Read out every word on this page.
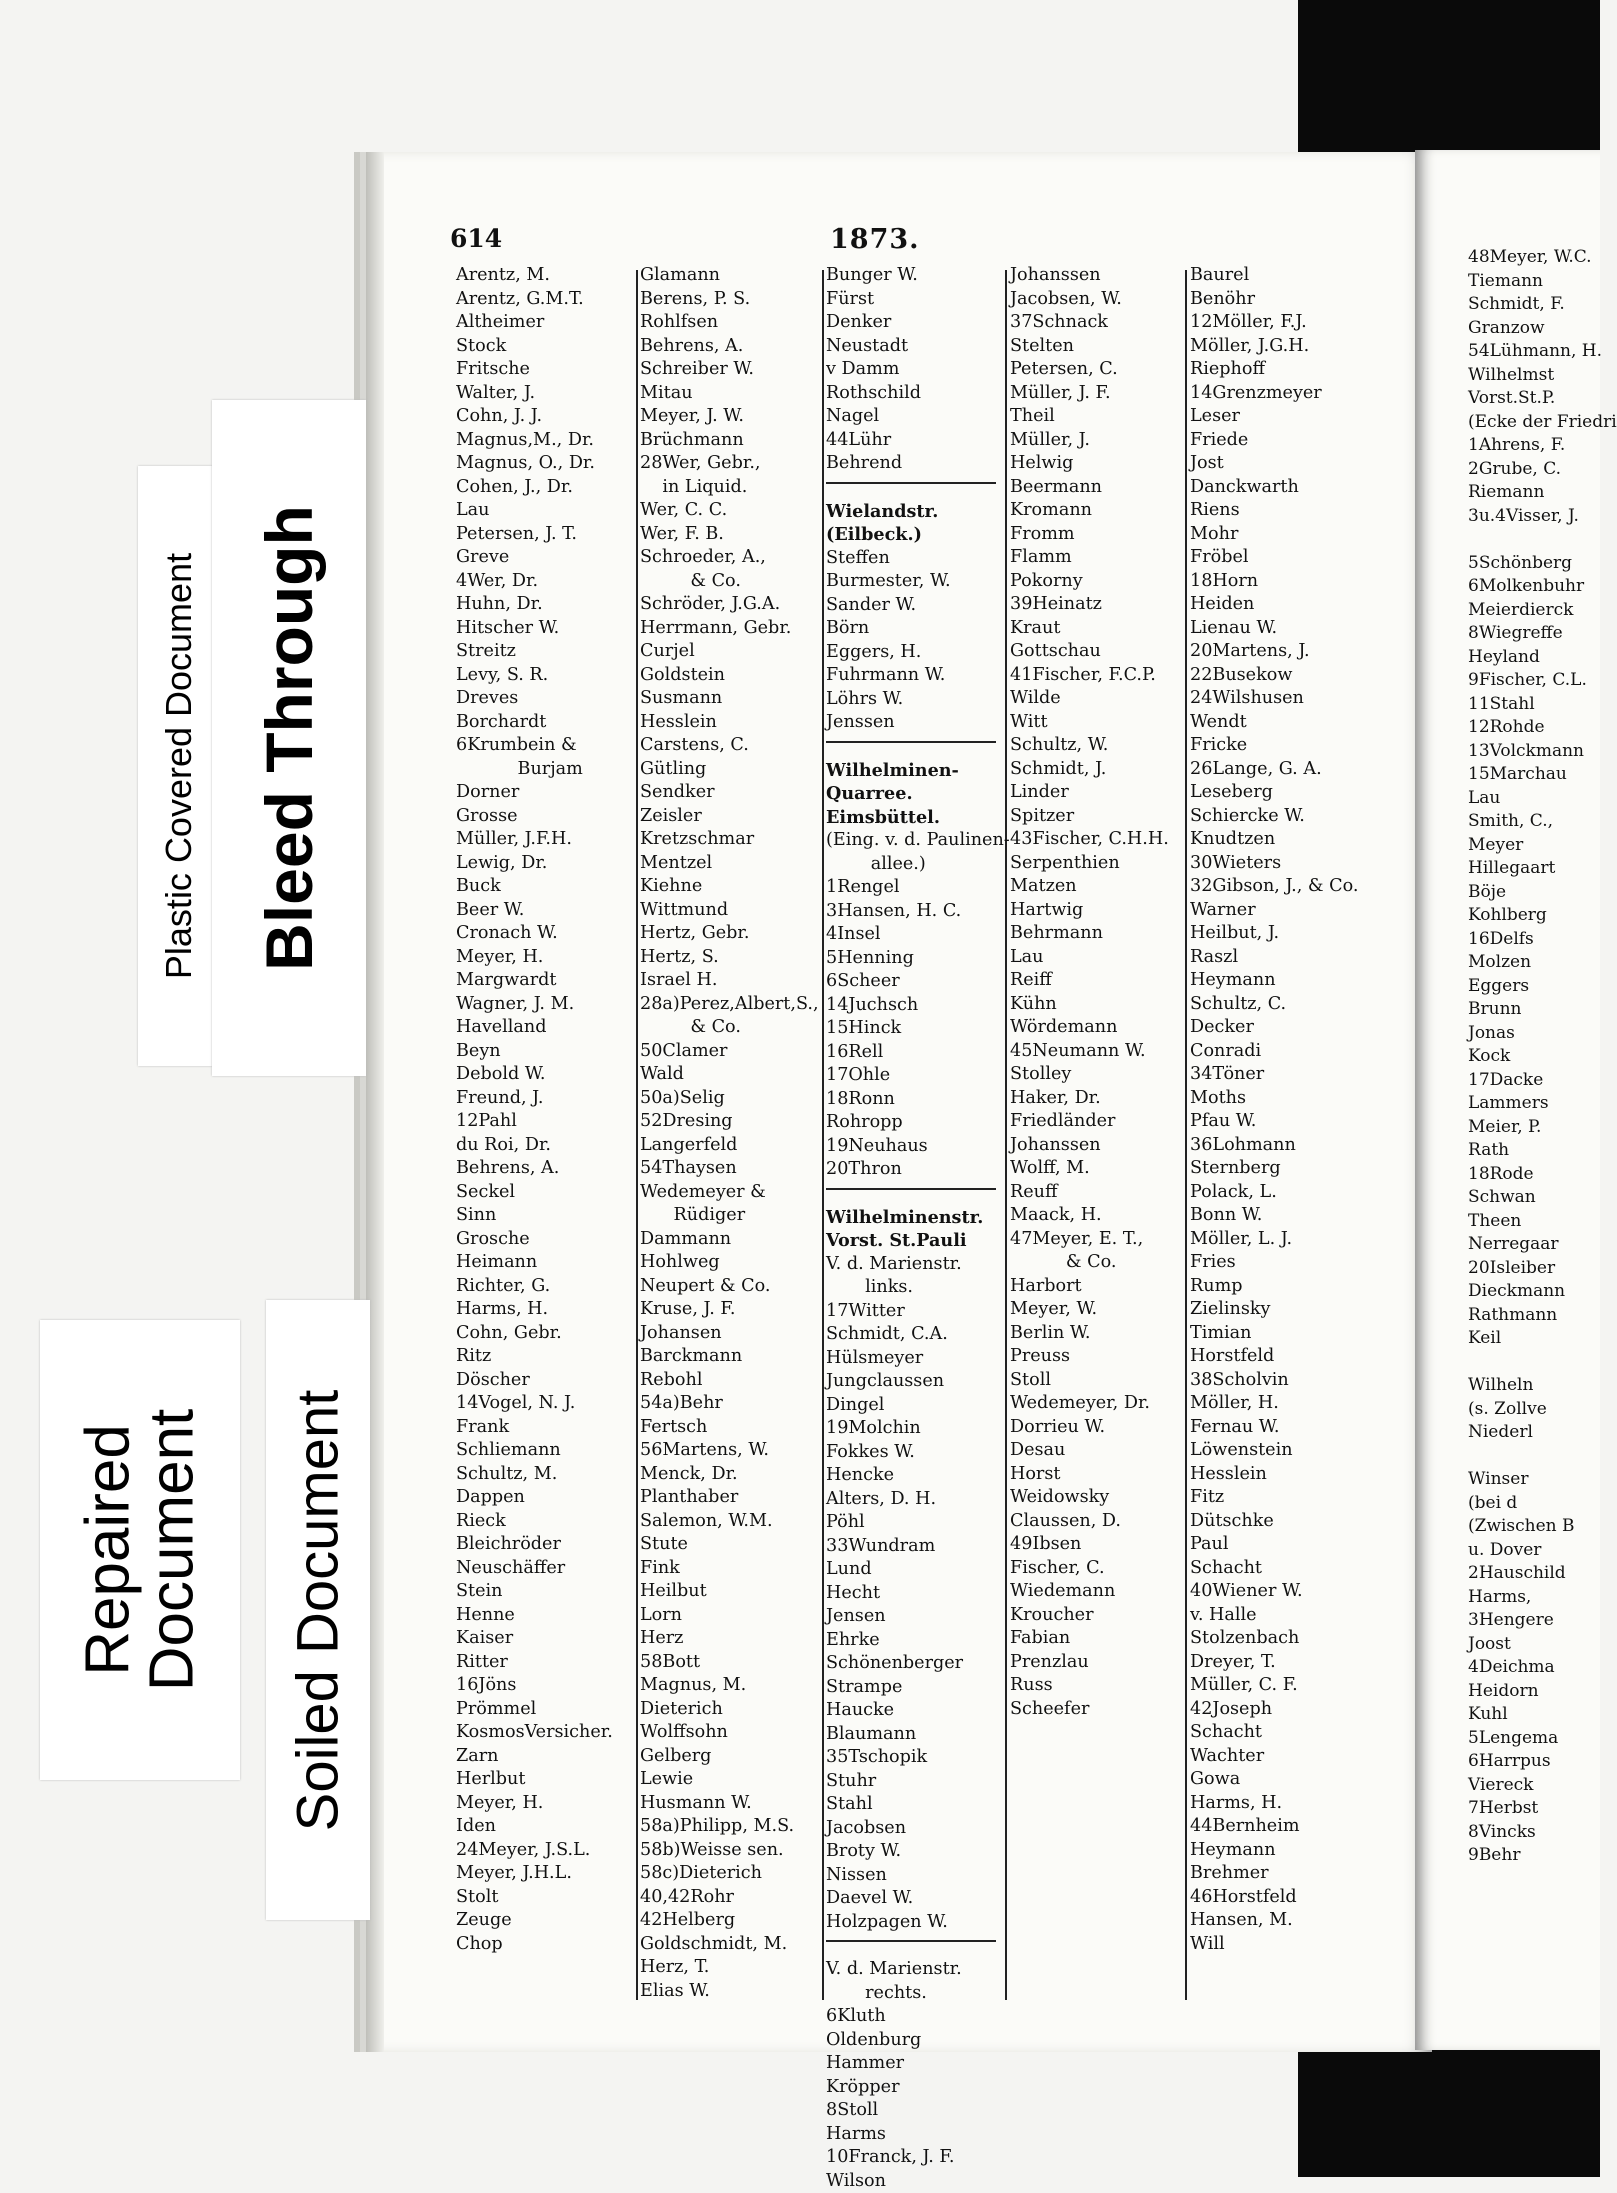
614	1873.
Arentz, M.
Arentz, G.M.T.
Altheimer
Stock
Fritsche
Walter, J.
Cohn, J. J.
Magnus,M., Dr.
Magnus, O., Dr.
Cohen, J., Dr.
Lau
Petersen, J. T.
Greve
4Wer, Dr.
Huhn, Dr.
Hitscher W.
Streitz
Levy, S. R.
Dreves
Borchardt
6Krumbein &
Burjam
Dorner
Grosse
Müller, J.F.H.
Lewig, Dr.
Buck
Beer W.
Cronach W.
Meyer, H.
Margwardt
Wagner, J. M.
Havelland
Beyn
Debold W.
Freund, J.
12Pahl
du Roi, Dr.
Behrens, A.
Seckel
Sinn
Grosche
Heimann
Richter, G.
Harms, H.
Cohn, Gebr.
Ritz
Döscher
14Vogel, N. J.
Frank
Schliemann
Schultz, M.
Dappen
Rieck
Bleichröder
Neuschäffer
Stein
Henne
Kaiser
Ritter
16Jöns
Prömmel
KosmosVersicher.
Zarn
Herlbut
Meyer, H.
Iden
24Meyer, J.S.L.
Meyer, J.H.L.
Stolt
Zeuge
Chop
Glamann
Berens, P. S.
Rohlfsen
Behrens, A.
Schreiber W.
Mitau
Meyer, J. W.
Brüchmann
28Wer, Gebr.,
in Liquid.
Wer, C. C.
Wer, F. B.
Schroeder, A.,
& Co.
Schröder, J.G.A.
Herrmann, Gebr.
Curjel
Goldstein
Susmann
Hesslein
Carstens, C.
Gütling
Sendker
Zeisler
Kretzschmar
Mentzel
Kiehne
Wittmund
Hertz, Gebr.
Hertz, S.
Israel H.
28a)Perez,Albert,S.,
& Co.
50Clamer
Wald
50a)Selig
52Dresing
Langerfeld
54Thaysen
Wedemeyer &
Rüdiger
Dammann
Hohlweg
Neupert & Co.
Kruse, J. F.
Johansen
Barckmann
Rebohl
54a)Behr
Fertsch
56Martens, W.
Menck, Dr.
Planthaber
Salemon, W.M.
Stute
Fink
Heilbut
Lorn
Herz
58Bott
Magnus, M.
Dieterich
Wolffsohn
Gelberg
Lewie
Husmann W.
58a)Philipp, M.S.
58b)Weisse sen.
58c)Dieterich
40,42Rohr
42Helberg
Goldschmidt, M.
Herz, T.
Elias W.
Bunger W.
Fürst
Denker
Neustadt
v Damm
Rothschild
Nagel
44Lühr
Behrend
Wielandstr.
(Eilbeck.)
Steffen
Burmester, W.
Sander W.
Börn
Eggers, H.
Fuhrmann W.
Löhrs W.
Jenssen
Wilhelminen-
Quarree.
Eimsbüttel.
(Eing. v. d. Paulinen-
allee.)
1Rengel
3Hansen, H. C.
4Insel
5Henning
6Scheer
14Juchsch
15Hinck
16Rell
17Ohle
18Ronn
Rohropp
19Neuhaus
20Thron
Wilhelminenstr.
Vorst. St.Pauli
V. d. Marienstr.
links.
17Witter
Schmidt, C.A.
Hülsmeyer
Jungclaussen
Dingel
19Molchin
Fokkes W.
Hencke
Alters, D. H.
Pöhl
33Wundram
Lund
Hecht
Jensen
Ehrke
Schönenberger
Strampe
Haucke
Blaumann
35Tschopik
Stuhr
Stahl
Jacobsen
Broty W.
Nissen
Daevel W.
Holzpagen W.
V. d. Marienstr.
rechts.
6Kluth
Oldenburg
Hammer
Kröpper
8Stoll
Harms
10Franck, J. F.
Wilson
Johanssen
Jacobsen, W.
37Schnack
Stelten
Petersen, C.
Müller, J. F.
Theil
Müller, J.
Helwig
Beermann
Kromann
Fromm
Flamm
Pokorny
39Heinatz
Kraut
Gottschau
41Fischer, F.C.P.
Wilde
Witt
Schultz, W.
Schmidt, J.
Linder
Spitzer
43Fischer, C.H.H.
Serpenthien
Matzen
Hartwig
Behrmann
Lau
Reiff
Kühn
Wördemann
45Neumann W.
Stolley
Haker, Dr.
Friedländer
Johanssen
Wolff, M.
Reuff
Maack, H.
47Meyer, E. T.,
& Co.
Harbort
Meyer, W.
Berlin W.
Preuss
Stoll
Wedemeyer, Dr.
Dorrieu W.
Desau
Horst
Weidowsky
Claussen, D.
49Ibsen
Fischer, C.
Wiedemann
Kroucher
Fabian
Prenzlau
Russ
Scheefer
Baurel
Benöhr
12Möller, F.J.
Möller, J.G.H.
Riephoff
14Grenzmeyer
Leser
Friede
Jost
Danckwarth
Riens
Mohr
Fröbel
18Horn
Heiden
Lienau W.
20Martens, J.
22Busekow
24Wilshusen
Wendt
Fricke
26Lange, G. A.
Leseberg
Schiercke W.
Knudtzen
30Wieters
32Gibson, J., & Co.
Warner
Heilbut, J.
Raszl
Heymann
Schultz, C.
Decker
Conradi
34Töner
Moths
Pfau W.
36Lohmann
Sternberg
Polack, L.
Bonn W.
Möller, L. J.
Fries
Rump
Zielinsky
Timian
Horstfeld
38Scholvin
Möller, H.
Fernau W.
Löwenstein
Hesslein
Fitz
Dütschke
Paul
Schacht
40Wiener W.
v. Halle
Stolzenbach
Dreyer, T.
Müller, C. F.
42Joseph
Schacht
Wachter
Gowa
Harms, H.
44Bernheim
Heymann
Brehmer
46Horstfeld
Hansen, M.
Will
48Meyer, W.C.
Tiemann
Schmidt, F.
Granzow
54Lühmann, H.
Wilhelmst
Vorst.St.P.
(Ecke der Friedri
1Ahrens, F.
2Grube, C.
Riemann
3u.4Visser, J.
5Schönberg
6Molkenbuhr
Meierdierck
8Wiegreffe
Heyland
9Fischer, C.L.
11Stahl
12Rohde
13Volckmann
15Marchau
Lau
Smith, C.,
Meyer
Hillegaart
Böje
Kohlberg
16Delfs
Molzen
Eggers
Brunn
Jonas
Kock
17Dacke
Lammers
Meier, P.
Rath
18Rode
Schwan
Theen
Nerregaar
20Isleiber
Dieckmann
Rathmann
Keil
Wilheln
(s. Zollve
Niederl
Winser
(bei d
(Zwischen B
u. Dover
2Hauschild
Harms,
3Hengere
Joost
4Deichma
Heidorn
Kuhl
5Lengema
6Harrpus
Viereck
7Herbst
8Vincks
9Behr
Plastic Covered Document Bleed Through
Repaired
Document Soiled Document
